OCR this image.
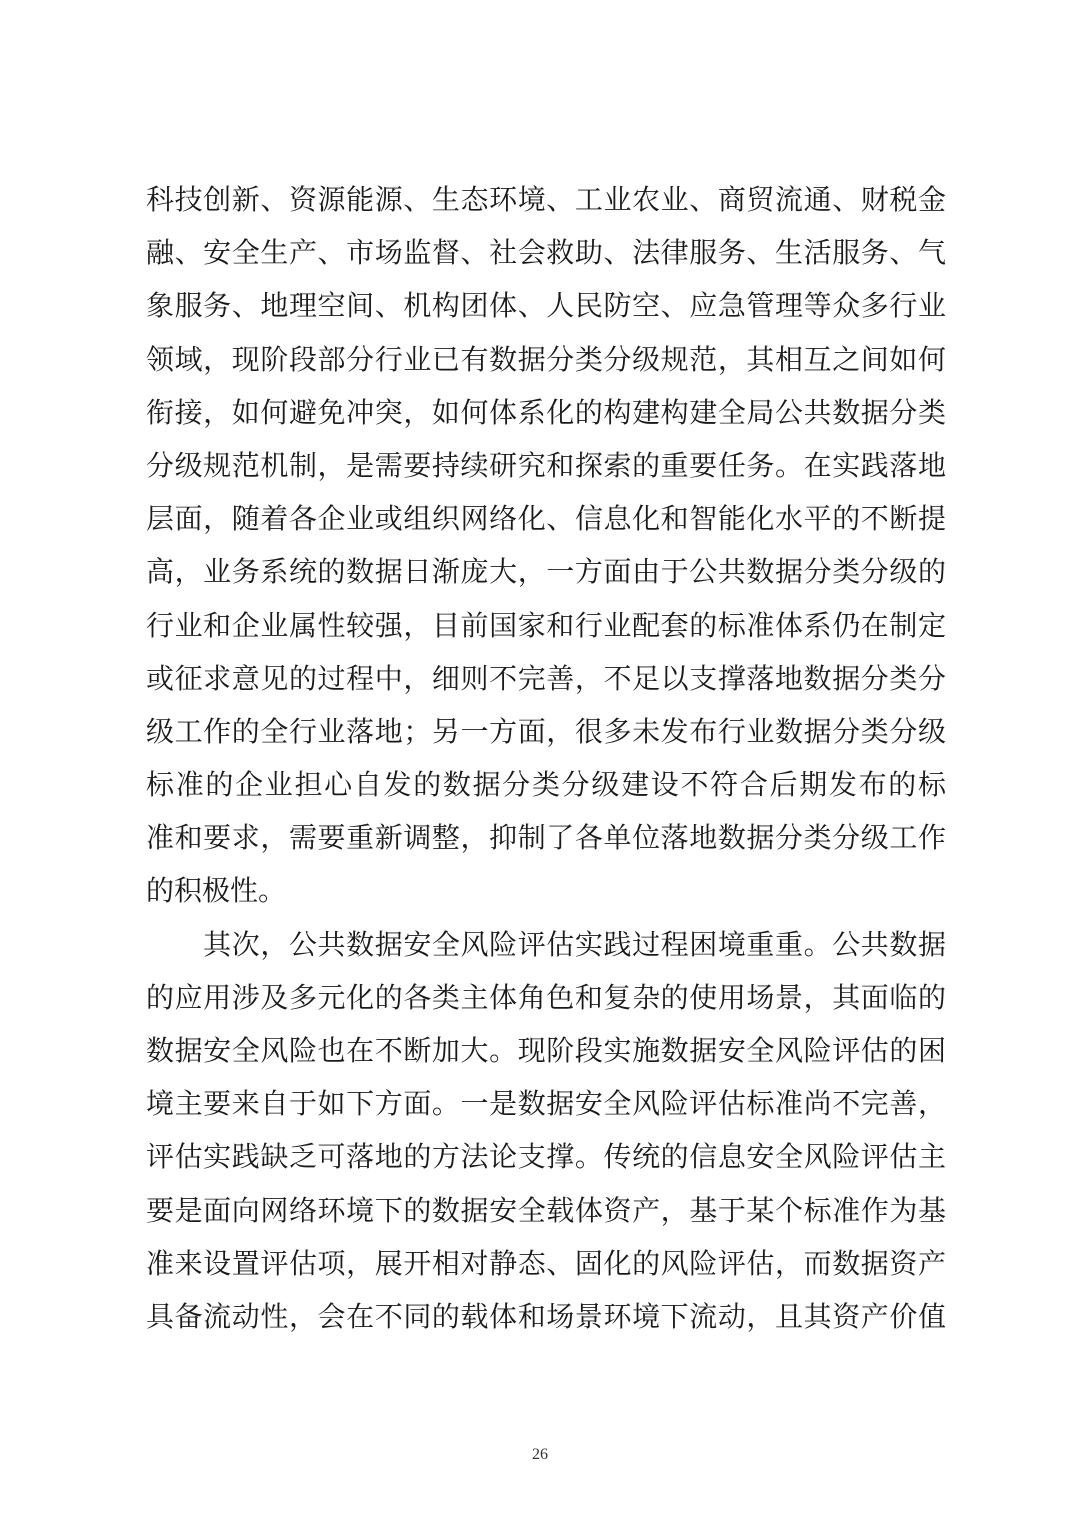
科技创新、资源能源、生态环境、工业农业、商贸流通、财税金
融、安全生产、市场监督、社会救助、法律服务、生活服务、气
象服务、地理空间、机构团体、人民防空、应急管理等众多行业
领域，现阶段部分行业已有数据分类分级规范，其相互之间如何
衔接，如何避免冲突，如何体系化的构建构建全局公共数据分类
分级规范机制，是需要持续研究和探索的重要任务。在实践落地
层面，随着各企业或组织网络化、信息化和智能化水平的不断提
高，业务系统的数据日渐庞大，一方面由于公共数据分类分级的
行业和企业属性较强，目前国家和行业配套的标准体系仍在制定
或征求意见的过程中，细则不完善，不足以支撑落地数据分类分
级工作的全行业落地；另一方面，很多未发布行业数据分类分级
标准的企业担心自发的数据分类分级建设不符合后期发布的标
准和要求，需要重新调整，抑制了各单位落地数据分类分级工作
的积极性。
　　其次，公共数据安全风险评估实践过程困境重重。公共数据
的应用涉及多元化的各类主体角色和复杂的使用场景，其面临的
数据安全风险也在不断加大。现阶段实施数据安全风险评估的困
境主要来自于如下方面。一是数据安全风险评估标准尚不完善，
评估实践缺乏可落地的方法论支撑。传统的信息安全风险评估主
要是面向网络环境下的数据安全载体资产，基于某个标准作为基
准来设置评估项，展开相对静态、固化的风险评估，而数据资产
具备流动性，会在不同的载体和场景环境下流动，且其资产价值
26
